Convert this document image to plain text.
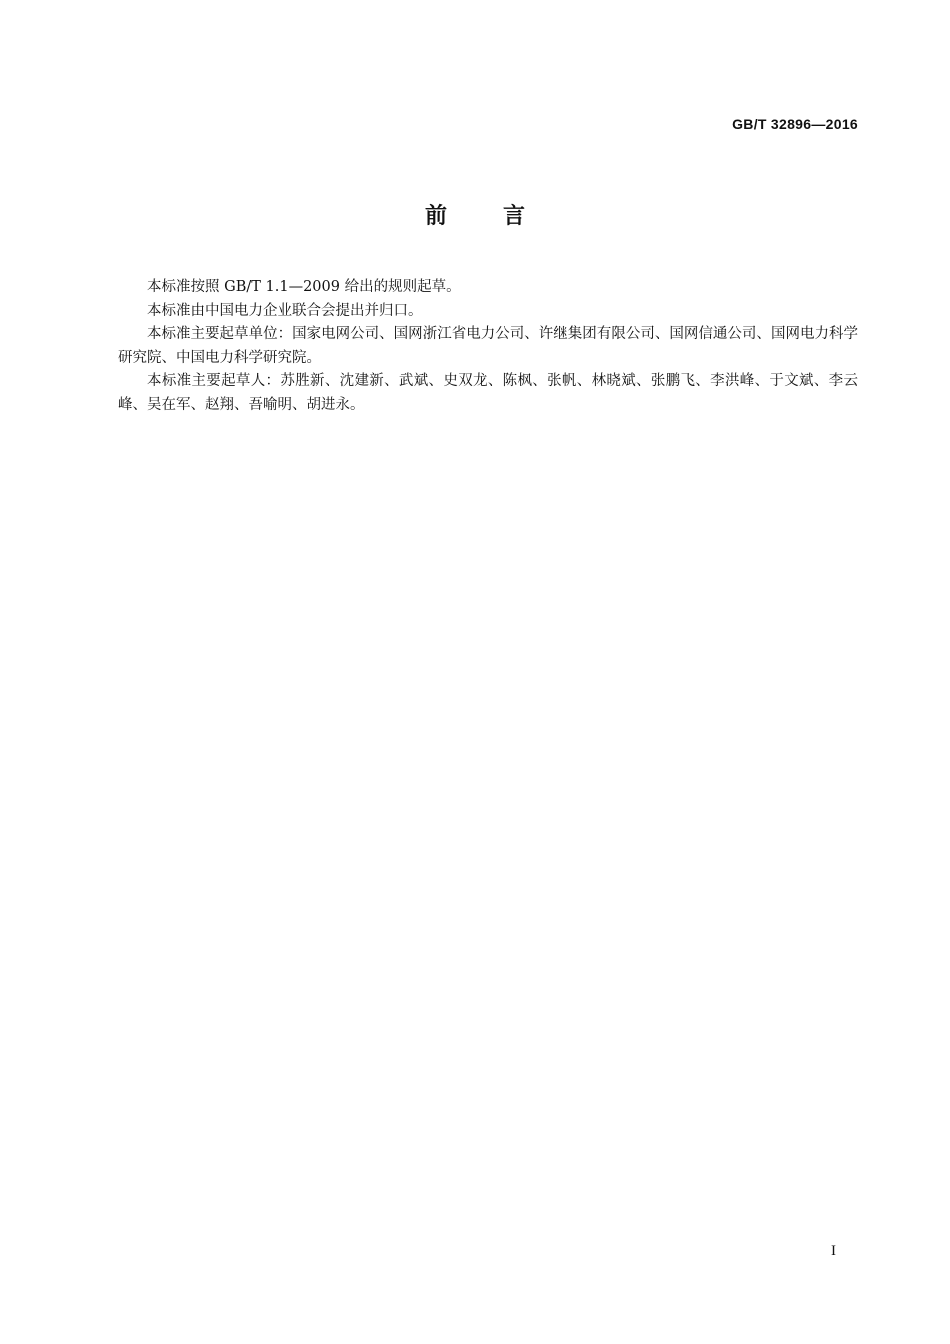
GB/T 32896—2016
前言

本标准按照 GB/T 1.1—2009 给出的规则起草。

本标准由中国电力企业联合会提出并归口。

本标准主要起草单位：国家电网公司、国网浙江省电力公司、许继集团有限公司、国网信通公司、国网电力科学研究院、中国电力科学研究院。

本标准主要起草人：苏胜新、沈建新、武斌、史双龙、陈枫、张帆、林晓斌、张鹏飞、李洪峰、于文斌、李云峰、吴在军、赵翔、吾喻明、胡进永。

I
